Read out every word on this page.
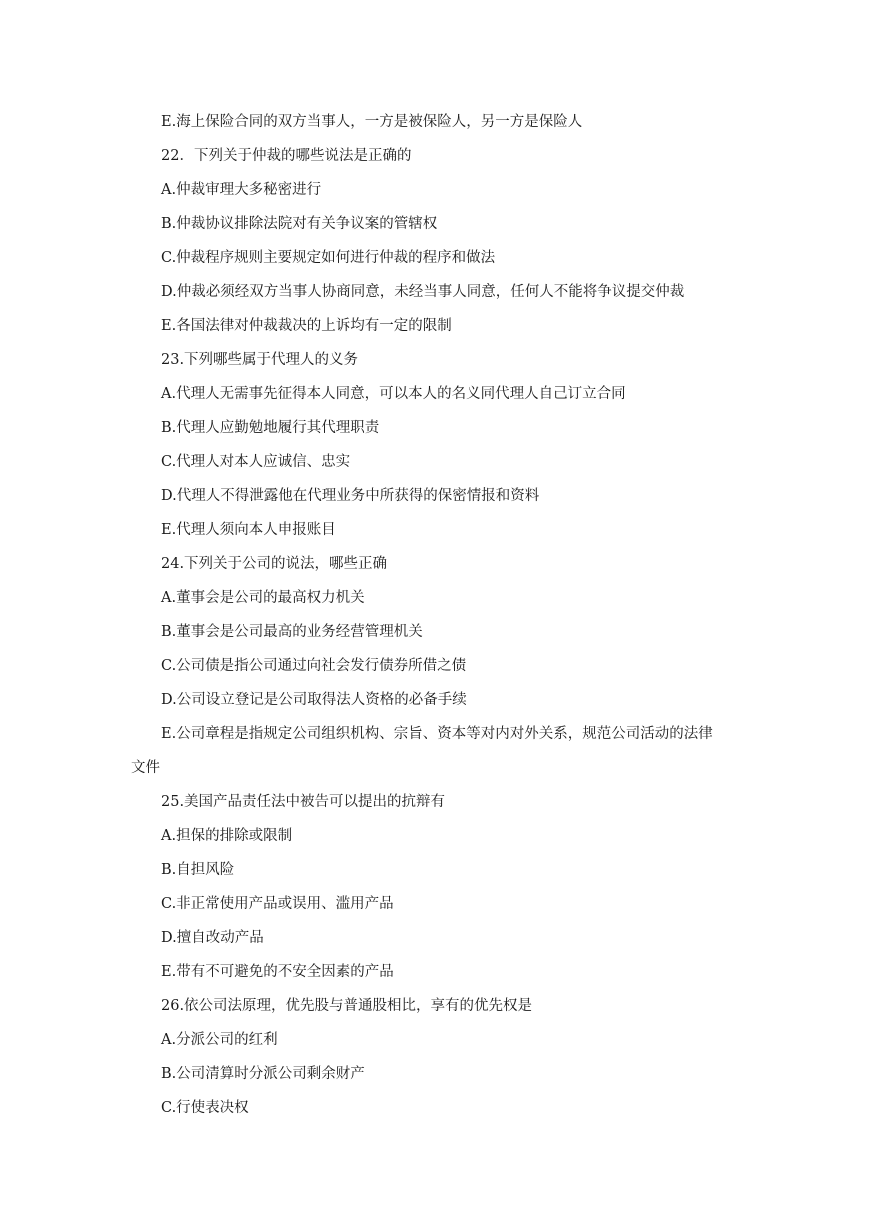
E.海上保险合同的双方当事人，一方是被保险人，另一方是保险人
22．下列关于仲裁的哪些说法是正确的
A.仲裁审理大多秘密进行
B.仲裁协议排除法院对有关争议案的管辖权
C.仲裁程序规则主要规定如何进行仲裁的程序和做法
D.仲裁必须经双方当事人协商同意，未经当事人同意，任何人不能将争议提交仲裁
E.各国法律对仲裁裁决的上诉均有一定的限制
23.下列哪些属于代理人的义务
A.代理人无需事先征得本人同意，可以本人的名义同代理人自己订立合同
B.代理人应勤勉地履行其代理职责
C.代理人对本人应诚信、忠实
D.代理人不得泄露他在代理业务中所获得的保密情报和资料
E.代理人须向本人申报账目
24.下列关于公司的说法，哪些正确
A.董事会是公司的最高权力机关
B.董事会是公司最高的业务经营管理机关
C.公司债是指公司通过向社会发行债券所借之债
D.公司设立登记是公司取得法人资格的必备手续
E.公司章程是指规定公司组织机构、宗旨、资本等对内对外关系，规范公司活动的法律
文件
25.美国产品责任法中被告可以提出的抗辩有
A.担保的排除或限制
B.自担风险
C.非正常使用产品或误用、滥用产品
D.擅自改动产品
E.带有不可避免的不安全因素的产品
26.依公司法原理，优先股与普通股相比，享有的优先权是
A.分派公司的红利
B.公司清算时分派公司剩余财产
C.行使表决权
